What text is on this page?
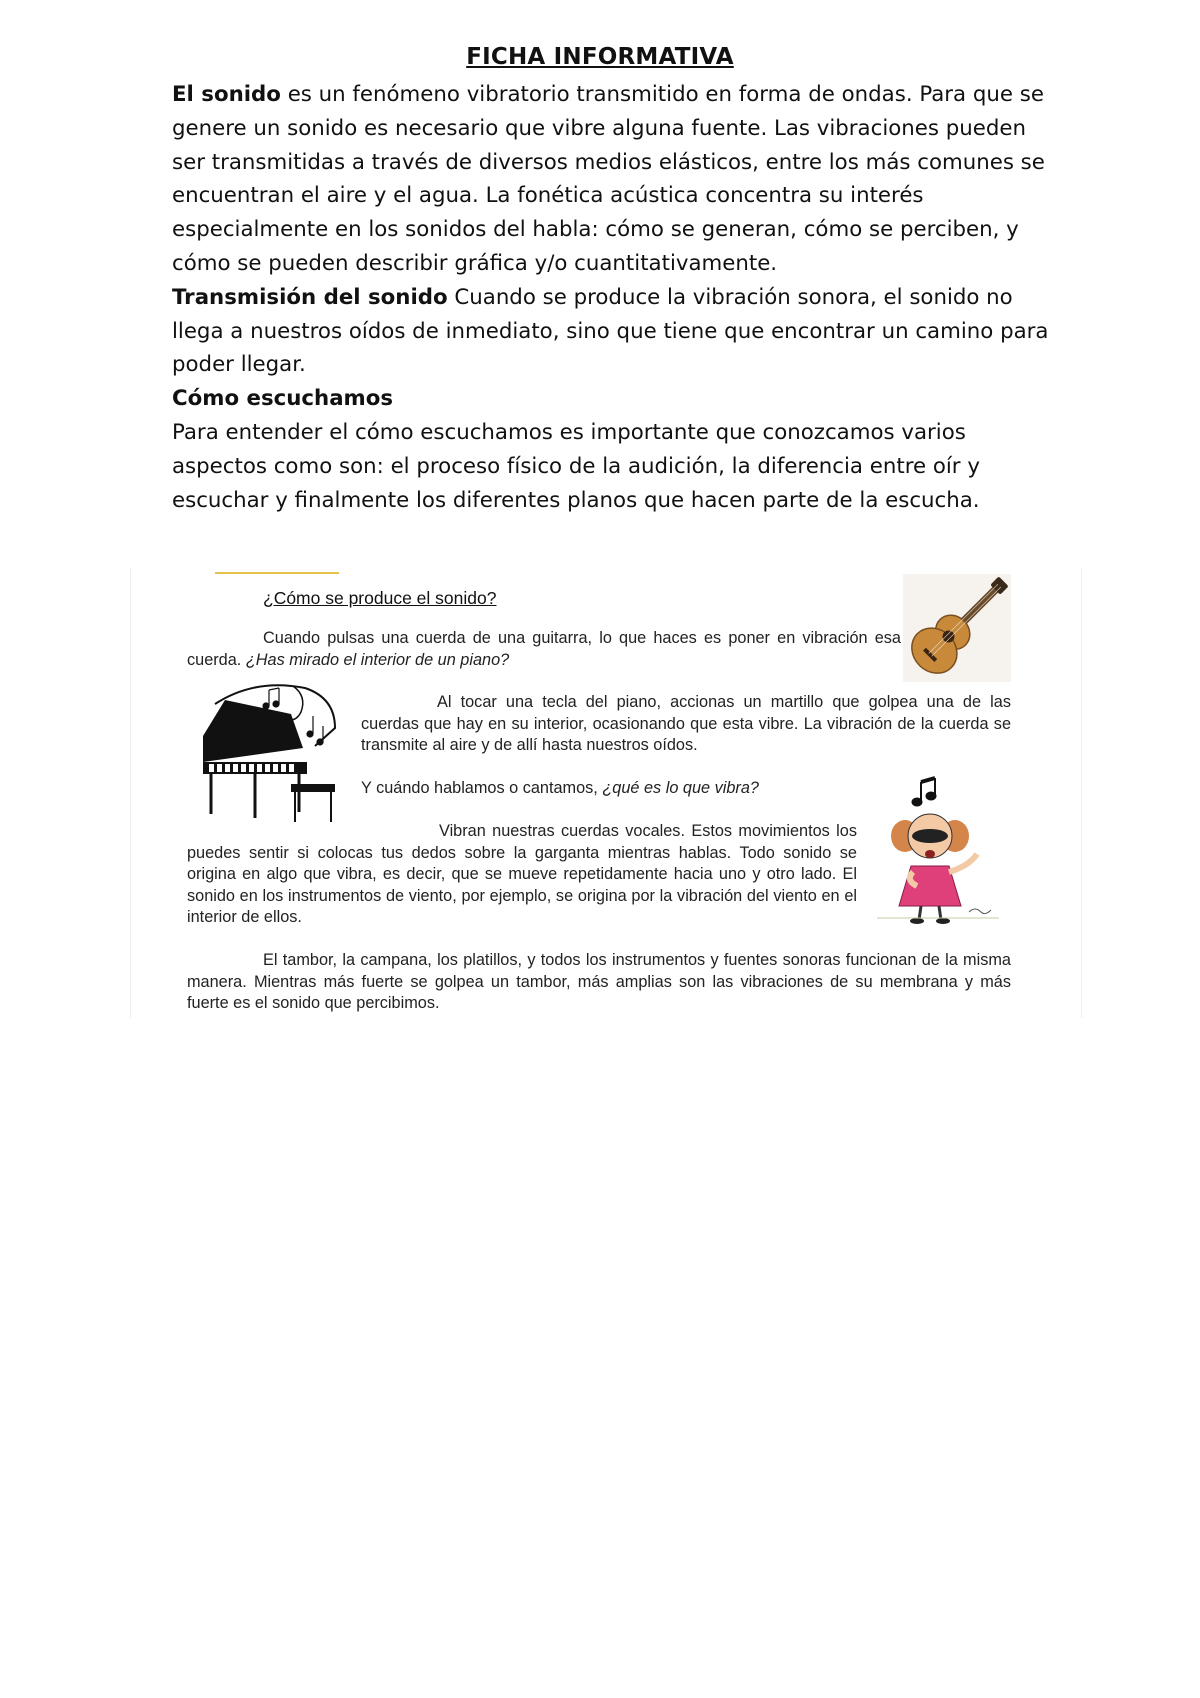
FICHA INFORMATIVA

El sonido es un fenómeno vibratorio transmitido en forma de ondas. Para que se genere un sonido es necesario que vibre alguna fuente. Las vibraciones pueden ser transmitidas a través de diversos medios elásticos, entre los más comunes se encuentran el aire y el agua. La fonética acústica concentra su interés especialmente en los sonidos del habla: cómo se generan, cómo se perciben, y cómo se pueden describir gráfica y/o cuantitativamente.

Transmisión del sonido Cuando se produce la vibración sonora, el sonido no llega a nuestros oídos de inmediato, sino que tiene que encontrar un camino para poder llegar.

Cómo escuchamos

Para entender el cómo escuchamos es importante que conozcamos varios aspectos como son: el proceso físico de la audición, la diferencia entre oír y escuchar y finalmente los diferentes planos que hacen parte de la escucha.

¿Cómo se produce el sonido?
Cuando pulsas una cuerda de una guitarra, lo que haces es poner en vibración esa cuerda. ¿Has mirado el interior de un piano?
Al tocar una tecla del piano, accionas un martillo que golpea una de las cuerdas que hay en su interior, ocasionando que esta vibre. La vibración de la cuerda se transmite al aire y de allí hasta nuestros oídos.
Y cuándo hablamos o cantamos, ¿qué es lo que vibra?
Vibran nuestras cuerdas vocales. Estos movimientos los puedes sentir si colocas tus dedos sobre la garganta mientras hablas. Todo sonido se origina en algo que vibra, es decir, que se mueve repetidamente hacia uno y otro lado. El sonido en los instrumentos de viento, por ejemplo, se origina por la vibración del viento en el interior de ellos.
El tambor, la campana, los platillos, y todos los instrumentos y fuentes sonoras funcionan de la misma manera. Mientras más fuerte se golpea un tambor, más amplias son las vibraciones de su membrana y más fuerte es el sonido que percibimos.
